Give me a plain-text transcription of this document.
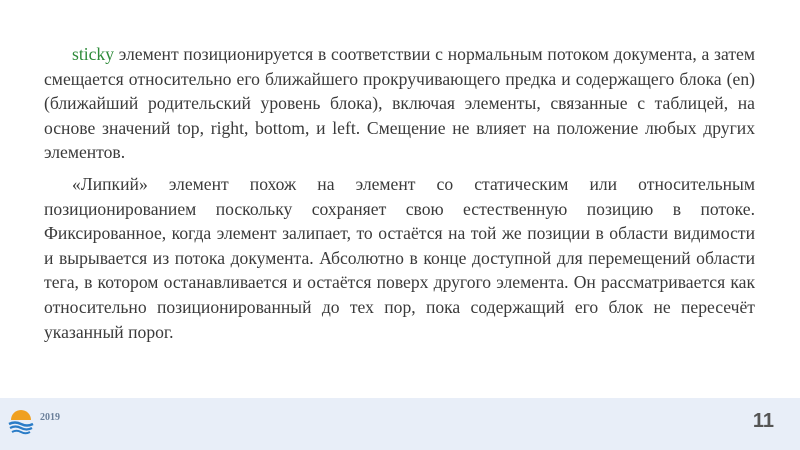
sticky элемент позиционируется в соответствии с нормальным потоком документа, а затем смещается относительно его ближайшего прокручивающего предка и содержащего блока (en) (ближайший родительский уровень блока), включая элементы, связанные с таблицей, на основе значений top, right, bottom, и left. Смещение не влияет на положение любых других элементов.

«Липкий» элемент похож на элемент со статическим или относительным позиционированием поскольку сохраняет свою естественную позицию в потоке. Фиксированное, когда элемент залипает, то остаётся на той же позиции в области видимости и вырывается из потока документа. Абсолютно в конце доступной для перемещений области тега, в котором останавливается и остаётся поверх другого элемента. Он рассматривается как относительно позиционированный до тех пор, пока содержащий его блок не пересечёт указанный порог.

2019	11
